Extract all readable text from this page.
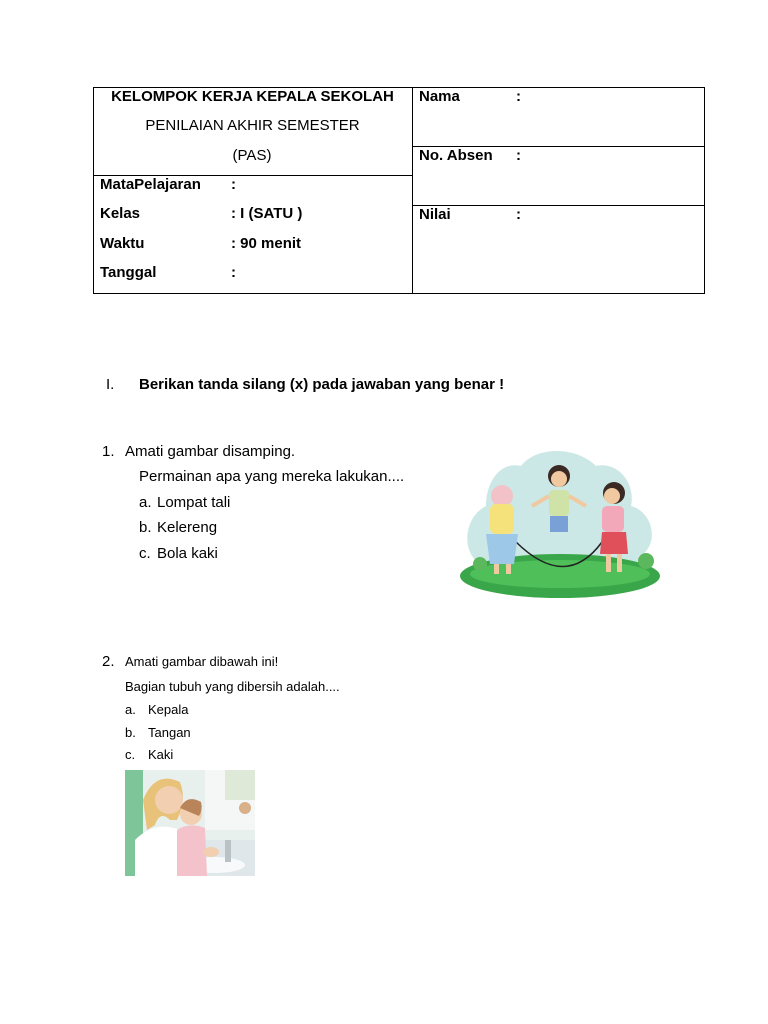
KELOMPOK KERJA KEPALA SEKOLAH
PENILAIAN AKHIR SEMESTER
(PAS)
MataPelajaran :
Kelas	: I (SATU )
Waktu	: 90 menit
Tanggal	:
Nama	:
No. Absen :
Nilai	:
I. Berikan tanda silang (x) pada jawaban yang benar !
1. Amati gambar disamping.
Permainan apa yang mereka lakukan....
a. Lompat tali
b. Kelereng
c. Bola kaki
2. Amati gambar dibawah ini!
Bagian tubuh yang dibersih adalah....
a. Kepala
b. Tangan
c. Kaki
